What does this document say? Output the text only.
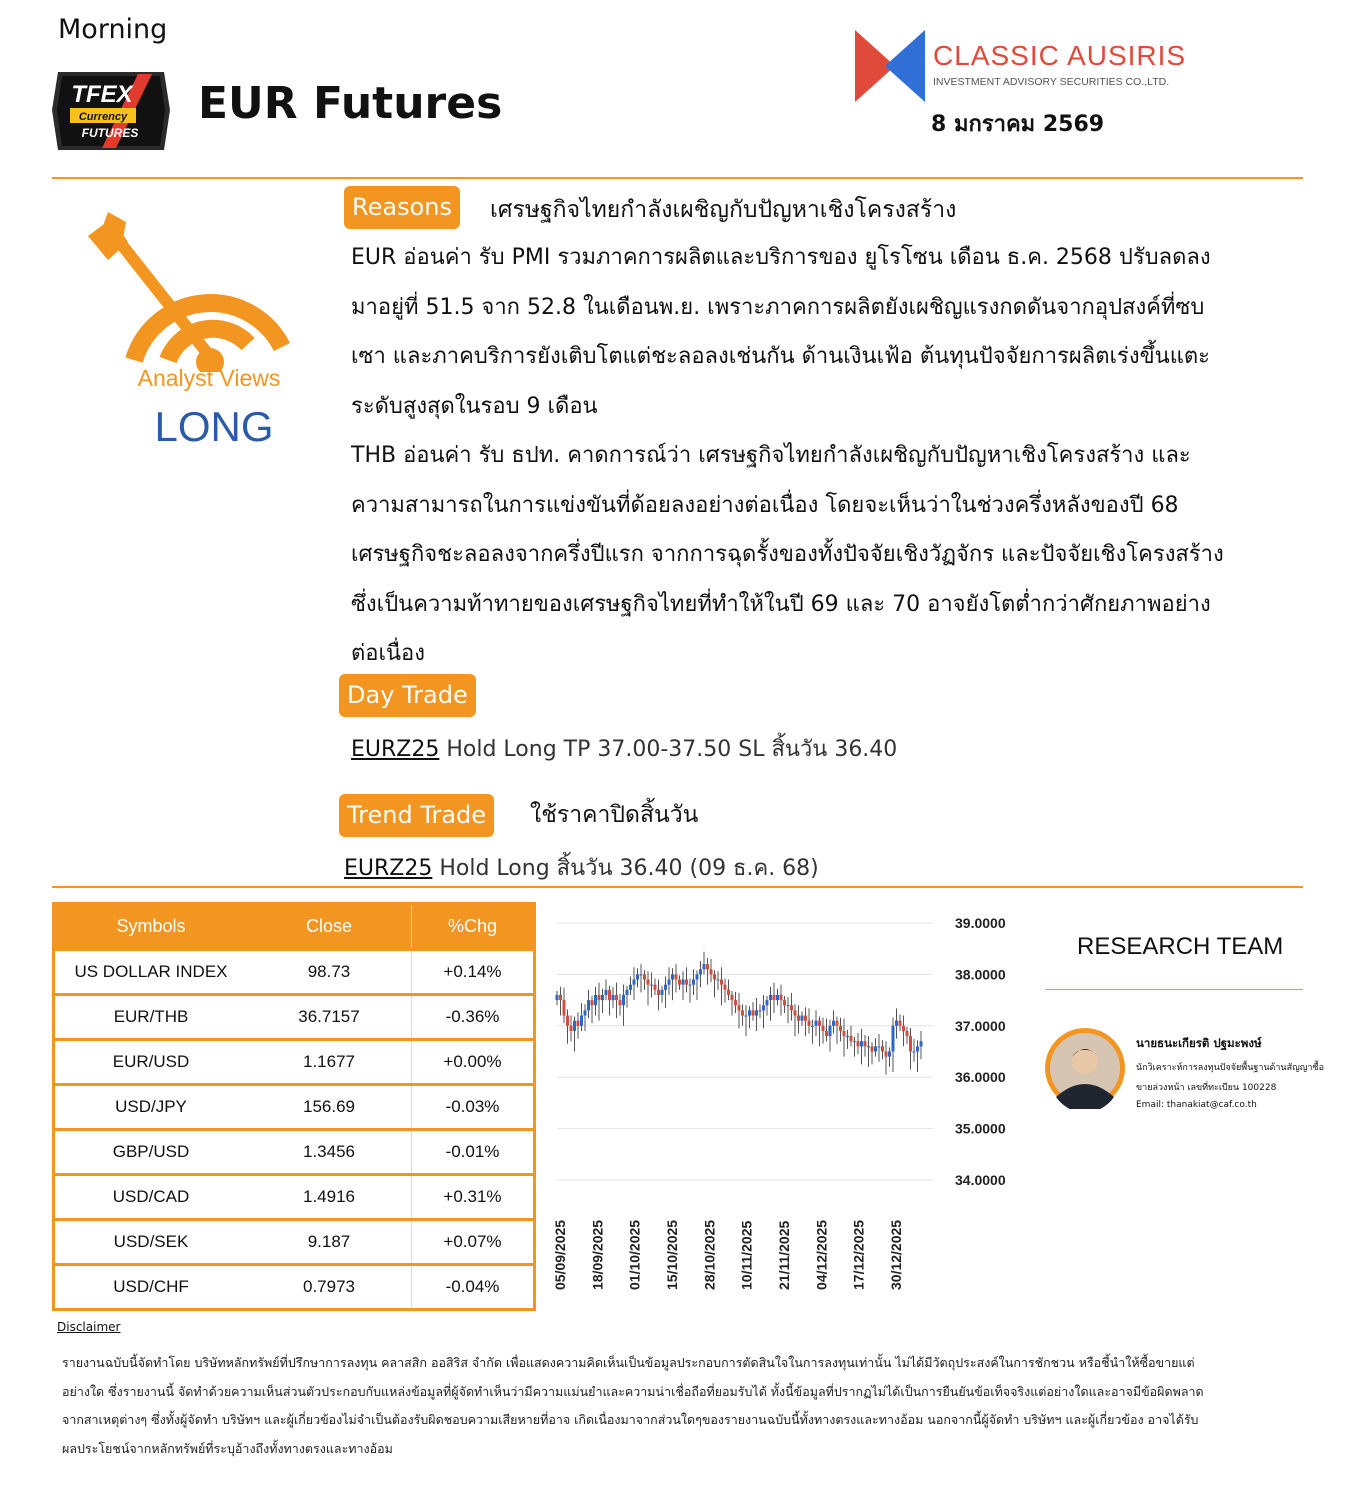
Morning
TFEX
Currency
FUTURES
EUR Futures
CLASSIC AUSIRIS
INVESTMENT ADVISORY SECURITIES CO.,LTD.
8 มกราคม 2569
Analyst Views
LONG
Reasons	เศรษฐกิจไทยกำลังเผชิญกับปัญหาเชิงโครงสร้าง
EUR อ่อนค่า รับ PMI รวมภาคการผลิตและบริการของ ยูโรโซน เดือน ธ.ค. 2568 ปรับลดลง
มาอยู่ที่ 51.5 จาก 52.8 ในเดือนพ.ย. เพราะภาคการผลิตยังเผชิญแรงกดดันจากอุปสงค์ที่ซบ
เซา และภาคบริการยังเติบโตแต่ชะลอลงเช่นกัน ด้านเงินเฟ้อ ต้นทุนปัจจัยการผลิตเร่งขึ้นแตะ
ระดับสูงสุดในรอบ 9 เดือน
THB อ่อนค่า รับ ธปท. คาดการณ์ว่า เศรษฐกิจไทยกำลังเผชิญกับปัญหาเชิงโครงสร้าง และ
ความสามารถในการแข่งขันที่ด้อยลงอย่างต่อเนื่อง โดยจะเห็นว่าในช่วงครึ่งหลังของปี 68
เศรษฐกิจชะลอลงจากครึ่งปีแรก จากการฉุดรั้งของทั้งปัจจัยเชิงวัฏจักร และปัจจัยเชิงโครงสร้าง
ซึ่งเป็นความท้าทายของเศรษฐกิจไทยที่ทำให้ในปี 69 และ 70 อาจยังโตต่ำกว่าศักยภาพอย่าง
ต่อเนื่อง
Day Trade
EURZ25 Hold Long TP 37.00-37.50 SL สิ้นวัน 36.40
Trend Trade	ใช้ราคาปิดสิ้นวัน
EURZ25 Hold Long สิ้นวัน 36.40 (09 ธ.ค. 68)
Symbols	Close	%Chg
US DOLLAR INDEX	98.73	+0.14%
EUR/THB	36.7157	-0.36%
EUR/USD	1.1677	+0.00%
USD/JPY	156.69	-0.03%
GBP/USD	1.3456	-0.01%
USD/CAD	1.4916	+0.31%
USD/SEK	9.187	+0.07%
USD/CHF	0.7973	-0.04%
39.0000
38.0000
37.0000
36.0000
35.0000
34.0000
05/09/2025 18/09/2025 01/10/2025 15/10/2025 28/10/2025 10/11/2025 21/11/2025 04/12/2025 17/12/2025 30/12/2025
RESEARCH TEAM
นายธนะเกียรติ ปฐมะพงษ์
นักวิเคราะห์การลงทุนปัจจัยพื้นฐานด้านสัญญาซื้อ
ขายล่วงหน้า เลขที่ทะเบียน 100228
Email: thanakiat@caf.co.th
Disclaimer
รายงานฉบับนี้จัดทำโดย บริษัทหลักทรัพย์ที่ปรึกษาการลงทุน คลาสสิก ออสิริส จำกัด เพื่อแสดงความคิดเห็นเป็นข้อมูลประกอบการตัดสินใจในการลงทุนเท่านั้น ไม่ได้มีวัตถุประสงค์ในการชักชวน หรือชี้นำให้ซื้อขายแต่
อย่างใด ซึ่งรายงานนี้ จัดทำด้วยความเห็นส่วนตัวประกอบกับแหล่งข้อมูลที่ผู้จัดทำเห็นว่ามีความแม่นยำและความน่าเชื่อถือที่ยอมรับได้ ทั้งนี้ข้อมูลที่ปรากฏไม่ได้เป็นการยืนยันข้อเท็จจริงแต่อย่างใดและอาจมีข้อผิดพลาด
จากสาเหตุต่างๆ ซึ่งทั้งผู้จัดทำ บริษัทฯ และผู้เกี่ยวข้องไม่จำเป็นต้องรับผิดชอบความเสียหายที่อาจ เกิดเนื่องมาจากส่วนใดๆของรายงานฉบับนี้ทั้งทางตรงและทางอ้อม นอกจากนี้ผู้จัดทำ บริษัทฯ และผู้เกี่ยวข้อง อาจได้รับ
ผลประโยชน์จากหลักทรัพย์ที่ระบุอ้างถึงทั้งทางตรงและทางอ้อม
